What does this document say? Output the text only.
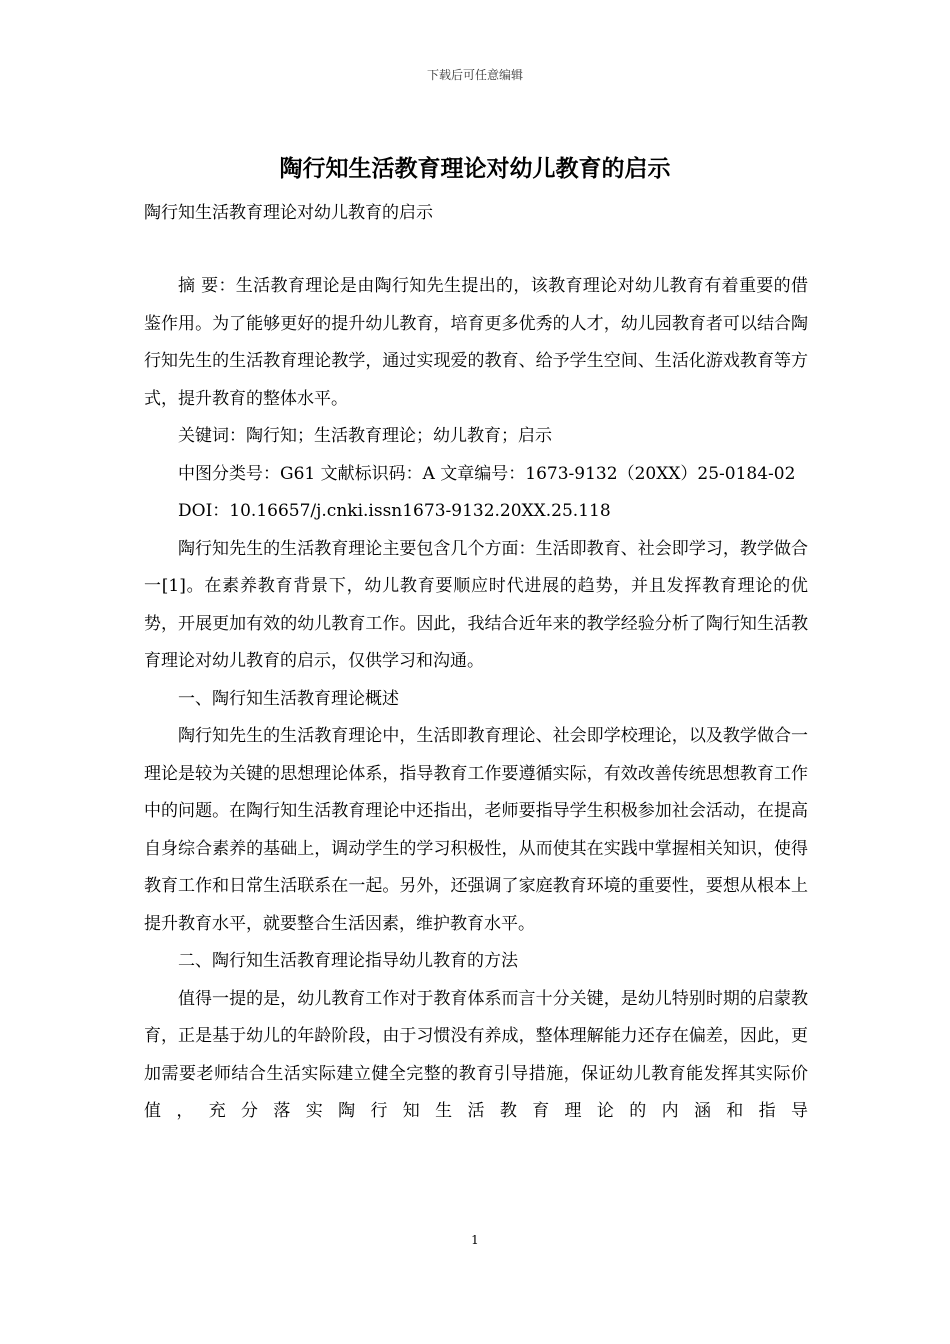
下载后可任意编辑
陶行知生活教育理论对幼儿教育的启示
陶行知生活教育理论对幼儿教育的启示

摘 要：生活教育理论是由陶行知先生提出的，该教育理论对幼儿教育有着重要的借鉴作用。为了能够更好的提升幼儿教育，培育更多优秀的人才，幼儿园教育者可以结合陶行知先生的生活教育理论教学，通过实现爱的教育、给予学生空间、生活化游戏教育等方式，提升教育的整体水平。

关键词：陶行知；生活教育理论；幼儿教育；启示

中图分类号：G61 文献标识码：A 文章编号：1673-9132（20XX）25-0184-02

DOI：10.16657/j.cnki.issn1673-9132.20XX.25.118

陶行知先生的生活教育理论主要包含几个方面：生活即教育、社会即学习，教学做合一[1]。在素养教育背景下，幼儿教育要顺应时代进展的趋势，并且发挥教育理论的优势，开展更加有效的幼儿教育工作。因此，我结合近年来的教学经验分析了陶行知生活教育理论对幼儿教育的启示，仅供学习和沟通。

一、陶行知生活教育理论概述

陶行知先生的生活教育理论中，生活即教育理论、社会即学校理论，以及教学做合一理论是较为关键的思想理论体系，指导教育工作要遵循实际，有效改善传统思想教育工作中的问题。在陶行知生活教育理论中还指出，老师要指导学生积极参加社会活动，在提高自身综合素养的基础上，调动学生的学习积极性，从而使其在实践中掌握相关知识，使得教育工作和日常生活联系在一起。另外，还强调了家庭教育环境的重要性，要想从根本上提升教育水平，就要整合生活因素，维护教育水平。

二、陶行知生活教育理论指导幼儿教育的方法

值得一提的是，幼儿教育工作对于教育体系而言十分关键，是幼儿特别时期的启蒙教育，正是基于幼儿的年龄阶段，由于习惯没有养成，整体理解能力还存在偏差，因此，更加需要老师结合生活实际建立健全完整的教育引导措施，保证幼儿教育能发挥其实际价值，充分落实陶行知生活教育理论的内涵和指导

1
